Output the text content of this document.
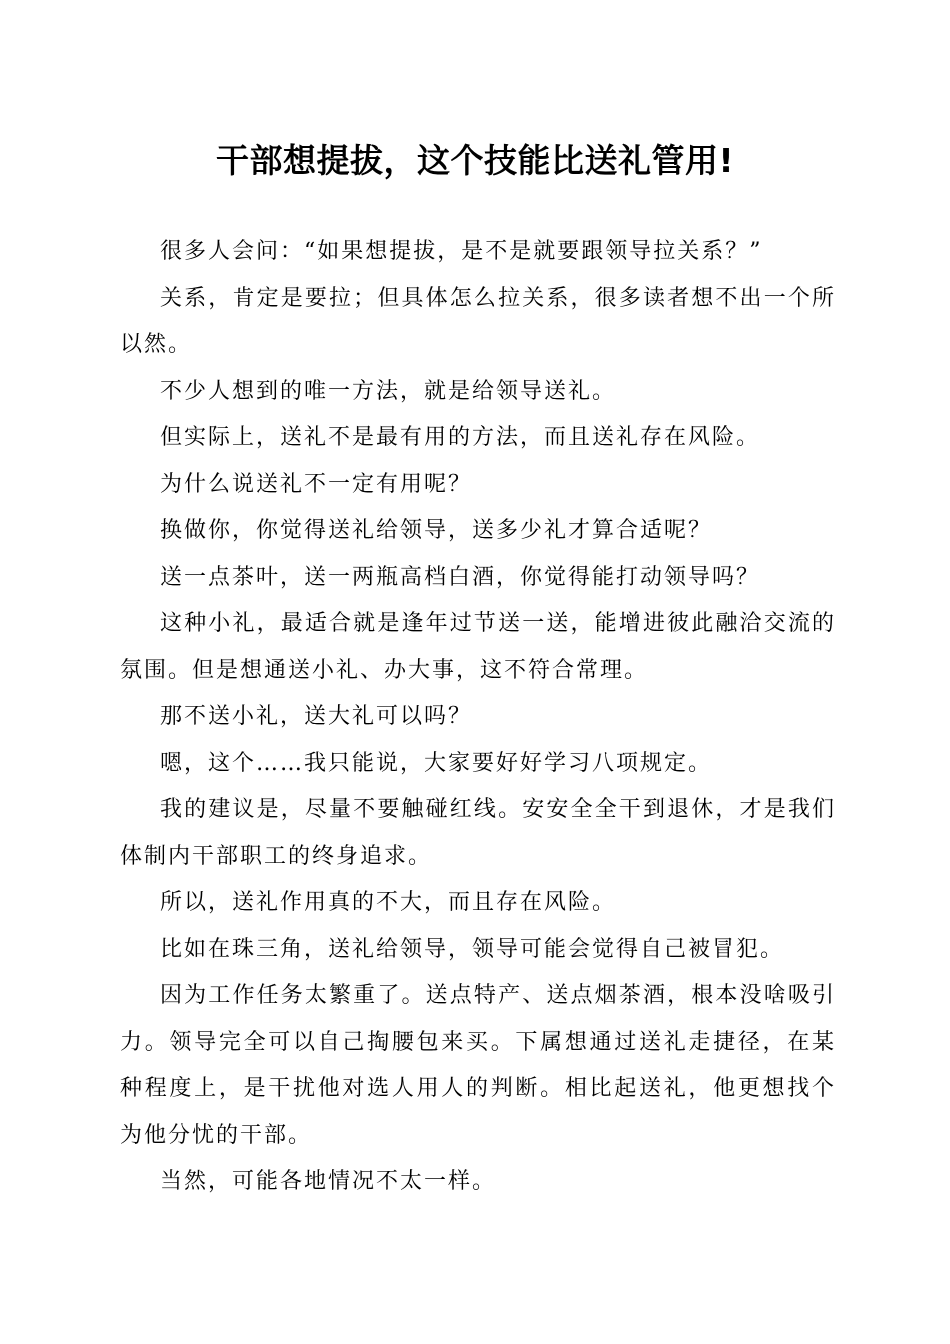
干部想提拔，这个技能比送礼管用!

很多人会问：“如果想提拔，是不是就要跟领导拉关系？”

关系，肯定是要拉；但具体怎么拉关系，很多读者想不出一个所以然。

不少人想到的唯一方法，就是给领导送礼。

但实际上，送礼不是最有用的方法，而且送礼存在风险。

为什么说送礼不一定有用呢？

换做你，你觉得送礼给领导，送多少礼才算合适呢？

送一点茶叶，送一两瓶高档白酒，你觉得能打动领导吗？

这种小礼，最适合就是逢年过节送一送，能增进彼此融洽交流的氛围。但是想通送小礼、办大事，这不符合常理。

那不送小礼，送大礼可以吗？

嗯，这个……我只能说，大家要好好学习八项规定。

我的建议是，尽量不要触碰红线。安安全全干到退休，才是我们体制内干部职工的终身追求。

所以，送礼作用真的不大，而且存在风险。

比如在珠三角，送礼给领导，领导可能会觉得自己被冒犯。

因为工作任务太繁重了。送点特产、送点烟茶酒，根本没啥吸引力。领导完全可以自己掏腰包来买。下属想通过送礼走捷径，在某种程度上，是干扰他对选人用人的判断。相比起送礼，他更想找个为他分忧的干部。

当然，可能各地情况不太一样。
